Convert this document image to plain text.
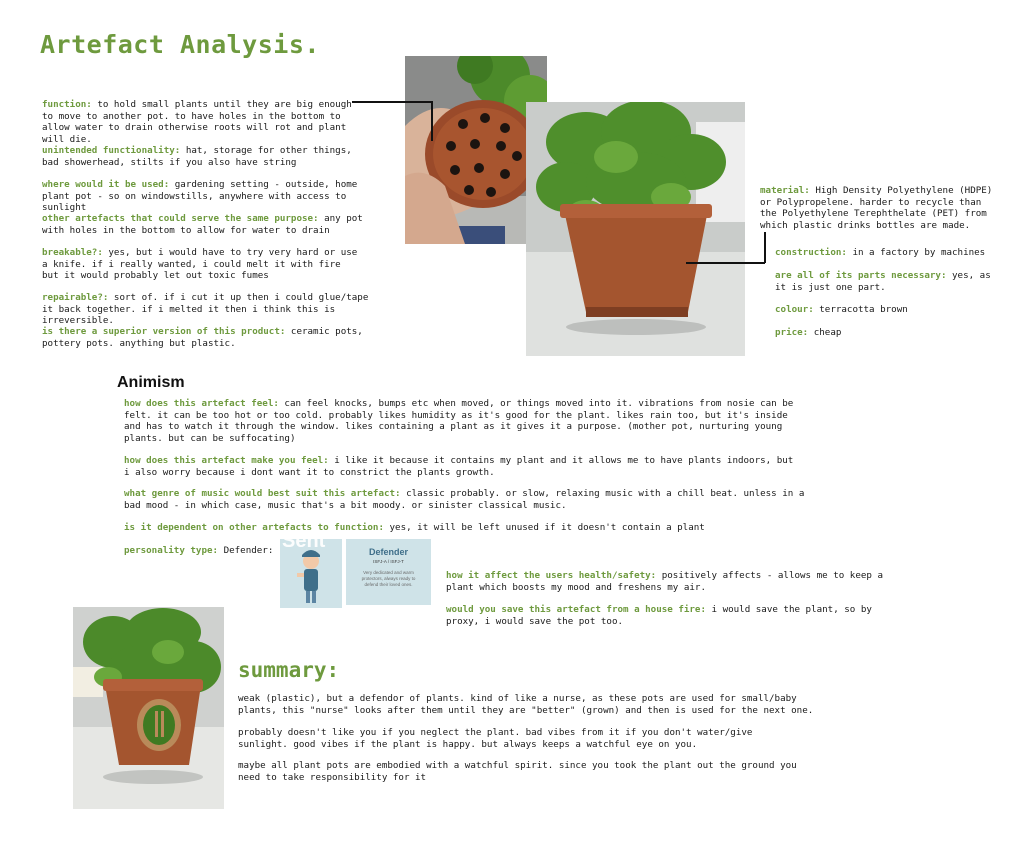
Artefact Analysis.

function: to hold small plants until they are big enough to move to another pot. to have holes in the bottom to allow water to drain otherwise roots will rot and plant will die.

unintended functionality: hat, storage for other things, bad showerhead, stilts if you also have string

where would it be used: gardening setting - outside, home plant pot - so on windowstills, anywhere with access to sunlight

other artefacts that could serve the same purpose: any pot with holes in the bottom to allow for water to drain

breakable?: yes, but i would have to try very hard or use a knife. if i really wanted, i could melt it with fire but it would probably let out toxic fumes

repairable?: sort of. if i cut it up then i could glue/tape it back together. if i melted it then i think this is irreversible.

is there a superior version of this product: ceramic pots, pottery pots. anything but plastic.

material: High Density Polyethylene (HDPE) or Polypropelene. harder to recycle than the Polyethylene Terephthelate (PET) from which plastic drinks bottles are made.

construction: in a factory by machines

are all of its parts necessary: yes, as it is just one part.

colour: terracotta brown

price: cheap

Animism

how does this artefact feel: can feel knocks, bumps etc when moved, or things moved into it. vibrations from nosie can be felt. it can be too hot or too cold. probably likes humidity as it's good for the plant. likes rain too, but it's inside and has to watch it through the window. likes containing a plant as it gives it a purpose. (mother pot, nurturing young plants. but can be suffocating)

how does this artefact make you feel: i like it because it contains my plant and it allows me to have plants indoors, but i also worry because i dont want it to constrict the plants growth.

what genre of music would best suit this artefact: classic probably. or slow, relaxing music with a chill beat. unless in a bad mood - in which case, music that's a bit moody. or sinister classical music.

is it dependent on other artefacts to function: yes, it will be left unused if it doesn't contain a plant

personality type: Defender: Sent	Defender
ISFJ-A / ISFJ-T
Very dedicated and warm protectors, always ready to defend their loved ones.

how it affect the users health/safety: positively affects - allows me to keep a plant which boosts my mood and freshens my air.

would you save this artefact from a house fire: i would save the plant, so by proxy, i would save the pot too.

summary:

weak (plastic), but a defendor of plants. kind of like a nurse, as these pots are used for small/baby plants, this "nurse" looks after them until they are "better" (grown) and then is used for the next one.

probably doesn't like you if you neglect the plant. bad vibes from it if you don't water/give sunlight. good vibes if the plant is happy. but always keeps a watchful eye on you.

maybe all plant pots are embodied with a watchful spirit. since you took the plant out the ground you need to take responsibility for it
